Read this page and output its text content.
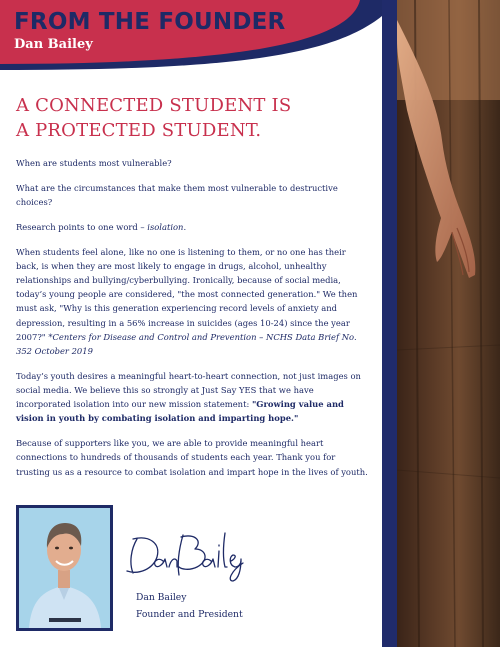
FROM THE FOUNDER

Dan Bailey

A CONNECTED STUDENT IS
A PROTECTED STUDENT.

When are students most vulnerable?

What are the circumstances that make them most vulnerable to destructive choices?

Research points to one word – isolation.

When students feel alone, like no one is listening to them, or no one has their back, is when they are most likely to engage in drugs, alcohol, unhealthy relationships and bullying/cyberbullying. Ironically, because of social media, today’s young people are considered, "the most connected generation." We then must ask, "Why is this generation experiencing record levels of anxiety and depression, resulting in a 56% increase in suicides (ages 10-24) since the year 2007?" *Centers for Disease and Control and Prevention – NCHS Data Brief No. 352 October 2019

Today’s youth desires a meaningful heart-to-heart connection, not just images on social media. We believe this so strongly at Just Say YES that we have incorporated isolation into our new mission statement: "Growing value and vision in youth by combating isolation and imparting hope."

Because of supporters like you, we are able to provide meaningful heart connections to hundreds of thousands of students each year. Thank you for trusting us as a resource to combat isolation and impart hope in the lives of youth.

Dan Bailey

Founder and President
